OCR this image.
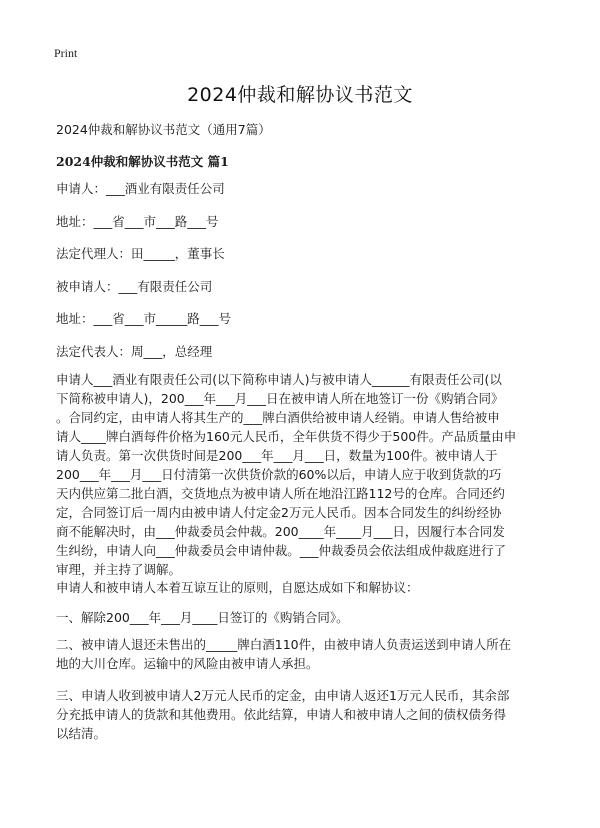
Print
2024仲裁和解协议书范文
2024仲裁和解协议书范文（通用7篇）
2024仲裁和解协议书范文 篇1
申请人：___酒业有限责任公司
地址：___省___市___路___号
法定代理人：田_____，董事长
被申请人：___有限责任公司
地址：___省___市_____路___号
法定代表人：周___，总经理
申请人___酒业有限责任公司(以下简称申请人)与被申请人______有限责任公司(以
下简称被申请人)，200___年___月___日在被申请人所在地签订一份《购销合同》
。合同约定，由申请人将其生产的___牌白酒供给被申请人经销。申请人售给被申
请人____牌白酒每件价格为160元人民币，全年供货不得少于500件。产品质量由申
请人负责。第一次供货时间是200___年___月___日，数量为100件。被申请人于
200___年___月___日付清第一次供货价款的60%以后，申请人应于收到货款的巧
天内供应第二批白酒，交货地点为被申请人所在地沿江路112号的仓库。合同还约
定，合同签订后一周内由被申请人付定金2万元人民币。因本合同发生的纠纷经协
商不能解决时，由___仲裁委员会仲裁。200____年____月___日，因履行本合同发
生纠纷，申请人向___仲裁委员会申请仲裁。___仲裁委员会依法组成仲裁庭进行了
审理，并主持了调解。
申请人和被申请人本着互谅互让的原则，自愿达成如下和解协议：
一、解除200___年___月____日签订的《购销合同》。
二、被申请人退还未售出的_____牌白酒110件，由被申请人负责运送到申请人所在
地的大川仓库。运输中的风险由被申请人承担。
三、申请人收到被申请人2万元人民币的定金，由申请人返还1万元人民币，其余部
分充抵申请人的货款和其他费用。依此结算，申请人和被申请人之间的债权债务得
以结清。
